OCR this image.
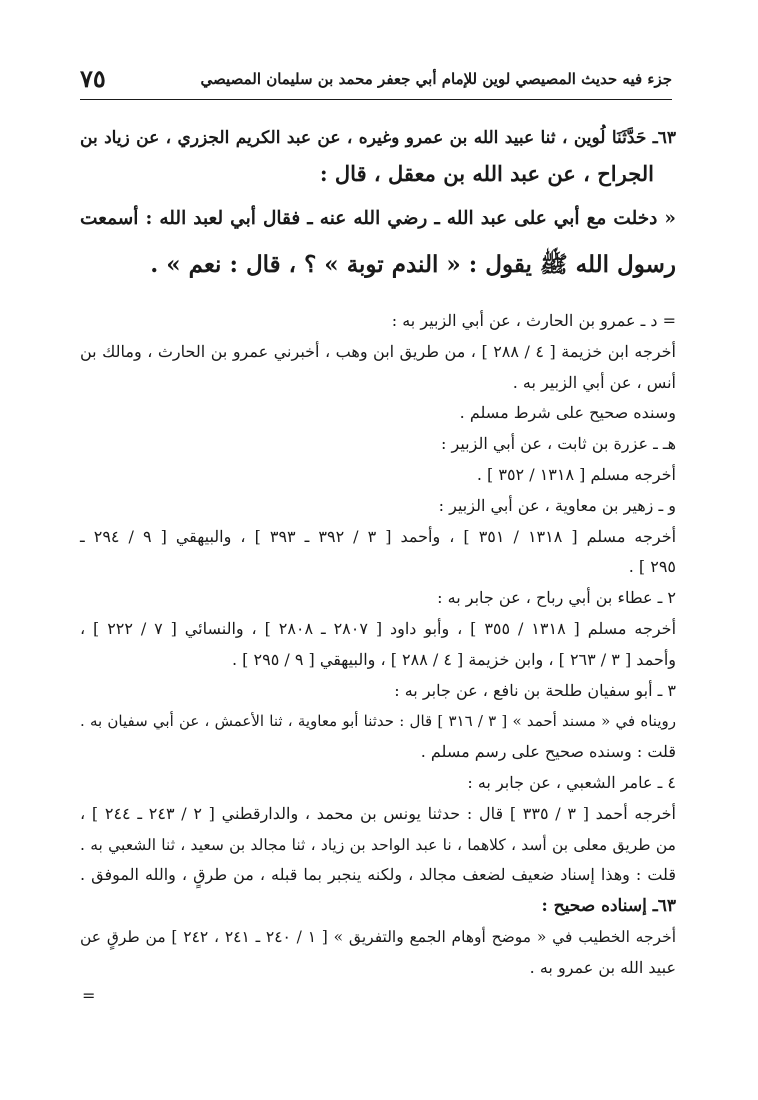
جزء فيه حديث المصيصي لوين للإمام أبي جعفر محمد بن سليمان المصيصي
٧٥
٦٣ـ حَدَّثَنَا لُوين ، ثنا عبيد الله بن عمرو وغيره ، عن عبد الكريم الجزري ، عن زياد بن
الجراح ، عن عبد الله بن معقل ، قال :
« دخلت مع أبي على عبد الله ـ رضي الله عنه ـ فقال أبي لعبد الله : أسمعت
رسول الله ﷺ يقول : « الندم توبة » ؟ ، قال : نعم » .
= د ـ عمرو بن الحارث ، عن أبي الزبير به :
أخرجه ابن خزيمة [ ٤ / ٢٨٨ ] ، من طريق ابن وهب ، أخبرني عمرو بن الحارث ، ومالك بن
أنس ، عن أبي الزبير به .
وسنده صحيح على شرط مسلم .
هـ ـ عزرة بن ثابت ، عن أبي الزبير :
أخرجه مسلم [ ١٣١٨ / ٣٥٢ ] .
و ـ زهير بن معاوية ، عن أبي الزبير :
أخرجه مسلم [ ١٣١٨ / ٣٥١ ] ، وأحمد [ ٣ / ٣٩٢ ـ ٣٩٣ ] ، والبيهقي [ ٩ / ٢٩٤ ـ
٢٩٥ ] .
٢ ـ عطاء بن أبي رباح ، عن جابر به :
أخرجه مسلم [ ١٣١٨ / ٣٥٥ ] ، وأبو داود [ ٢٨٠٧ ـ ٢٨٠٨ ] ، والنسائي [ ٧ / ٢٢٢ ] ،
وأحمد [ ٣ / ٢٦٣ ] ، وابن خزيمة [ ٤ / ٢٨٨ ] ، والبيهقي [ ٩ / ٢٩٥ ] .
٣ ـ أبو سفيان طلحة بن نافع ، عن جابر به :
رويناه في « مسند أحمد » [ ٣ / ٣١٦ ] قال : حدثنا أبو معاوية ، ثنا الأعمش ، عن أبي سفيان به .
قلت : وسنده صحيح على رسم مسلم .
٤ ـ عامر الشعبي ، عن جابر به :
أخرجه أحمد [ ٣ / ٣٣٥ ] قال : حدثنا يونس بن محمد ، والدارقطني [ ٢ / ٢٤٣ ـ ٢٤٤ ] ،
من طريق معلى بن أسد ، كلاهما ، نا عبد الواحد بن زياد ، ثنا مجالد بن سعيد ، ثنا الشعبي به .
قلت : وهذا إسناد ضعيف لضعف مجالد ، ولكنه ينجبر بما قبله ، من طرقٍ ، والله الموفق .
٦٣ـ إسناده صحيح :
أخرجه الخطيب في « موضح أوهام الجمع والتفريق » [ ١ / ٢٤٠ ـ ٢٤١ ، ٢٤٢ ] من طرقٍ عن
عبيد الله بن عمرو به .
=
